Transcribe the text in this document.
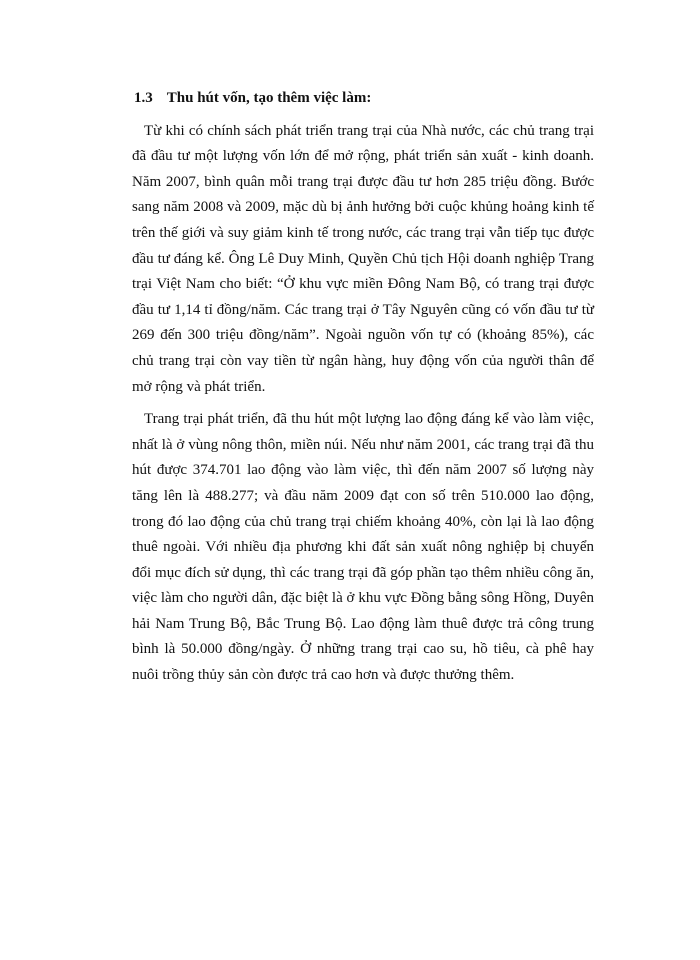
1.3 Thu hút vốn, tạo thêm việc làm:

Từ khi có chính sách phát triển trang trại của Nhà nước, các chủ trang trại đã đầu tư một lượng vốn lớn để mở rộng, phát triển sản xuất - kinh doanh. Năm 2007, bình quân mỗi trang trại được đầu tư hơn 285 triệu đồng. Bước sang năm 2008 và 2009, mặc dù bị ảnh hưởng bởi cuộc khủng hoảng kinh tế trên thế giới và suy giảm kinh tế trong nước, các trang trại vẫn tiếp tục được đầu tư đáng kể. Ông Lê Duy Minh, Quyền Chủ tịch Hội doanh nghiệp Trang trại Việt Nam cho biết: “Ở khu vực miền Đông Nam Bộ, có trang trại được đầu tư 1,14 tỉ đồng/năm. Các trang trại ở Tây Nguyên cũng có vốn đầu tư từ 269 đến 300 triệu đồng/năm”. Ngoài nguồn vốn tự có (khoảng 85%), các chủ trang trại còn vay tiền từ ngân hàng, huy động vốn của người thân để mở rộng và phát triển.

Trang trại phát triển, đã thu hút một lượng lao động đáng kể vào làm việc, nhất là ở vùng nông thôn, miền núi. Nếu như năm 2001, các trang trại đã thu hút được 374.701 lao động vào làm việc, thì đến năm 2007 số lượng này tăng lên là 488.277; và đầu năm 2009 đạt con số trên 510.000 lao động, trong đó lao động của chủ trang trại chiếm khoảng 40%, còn lại là lao động thuê ngoài. Với nhiều địa phương khi đất sản xuất nông nghiệp bị chuyển đổi mục đích sử dụng, thì các trang trại đã góp phần tạo thêm nhiều công ăn, việc làm cho người dân, đặc biệt là ở khu vực Đồng bằng sông Hồng, Duyên hải Nam Trung Bộ, Bắc Trung Bộ. Lao động làm thuê được trả công trung bình là 50.000 đồng/ngày. Ở những trang trại cao su, hồ tiêu, cà phê hay nuôi trồng thủy sản còn được trả cao hơn và được thưởng thêm.
